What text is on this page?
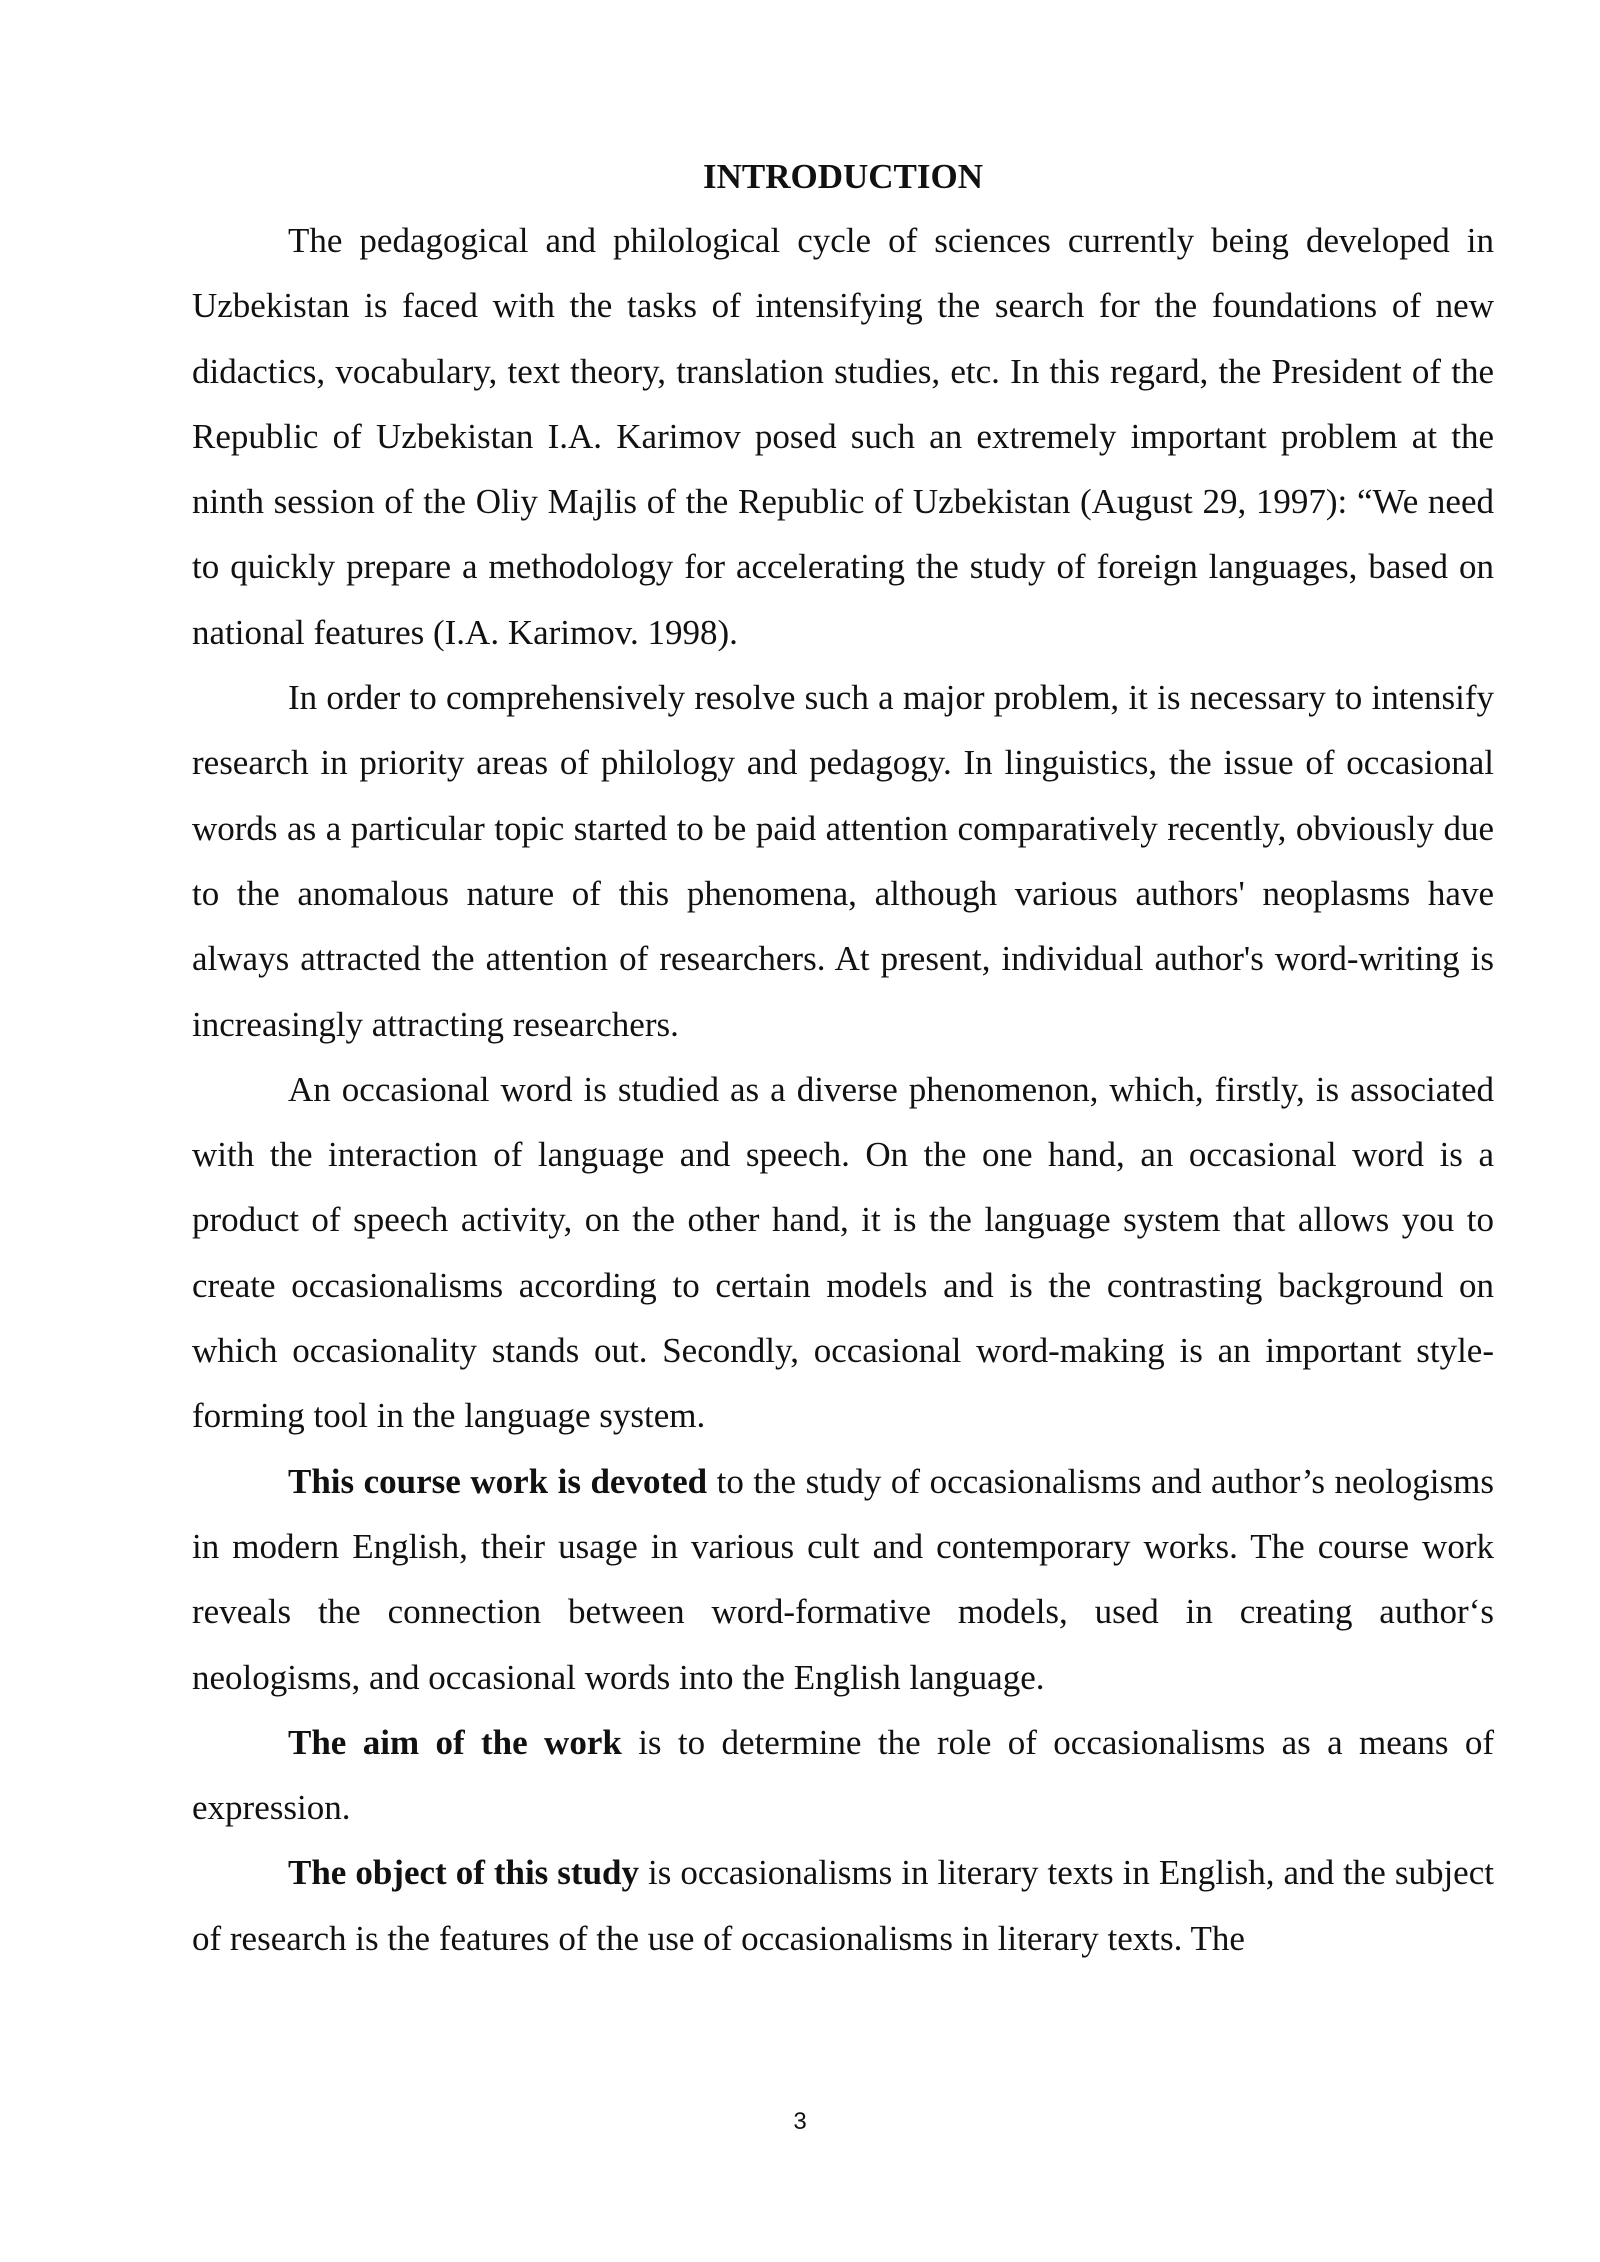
INTRODUCTION

The pedagogical and philological cycle of sciences currently being developed in Uzbekistan is faced with the tasks of intensifying the search for the foundations of new didactics, vocabulary, text theory, translation studies, etc. In this regard, the President of the Republic of Uzbekistan I.A. Karimov posed such an extremely important problem at the ninth session of the Oliy Majlis of the Republic of Uzbekistan (August 29, 1997): “We need to quickly prepare a methodology for accelerating the study of foreign languages, based on national features (I.A. Karimov. 1998).

In order to comprehensively resolve such a major problem, it is necessary to intensify research in priority areas of philology and pedagogy. In linguistics, the issue of occasional words as a particular topic started to be paid attention comparatively recently, obviously due to the anomalous nature of this phenomena, although various authors' neoplasms have always attracted the attention of researchers. At present, individual author's word-writing is increasingly attracting researchers.

An occasional word is studied as a diverse phenomenon, which, firstly, is associated with the interaction of language and speech. On the one hand, an occasional word is a product of speech activity, on the other hand, it is the language system that allows you to create occasionalisms according to certain models and is the contrasting background on which occasionality stands out. Secondly, occasional word-making is an important style-forming tool in the language system.

This course work is devoted to the study of occasionalisms and author’s neologisms in modern English, their usage in various cult and contemporary works. The course work reveals the connection between word-formative models, used in creating author‘s neologisms, and occasional words into the English language.

The aim of the work is to determine the role of occasionalisms as a means of expression.

The object of this study is occasionalisms in literary texts in English, and the subject of research is the features of the use of occasionalisms in literary texts. The

3
